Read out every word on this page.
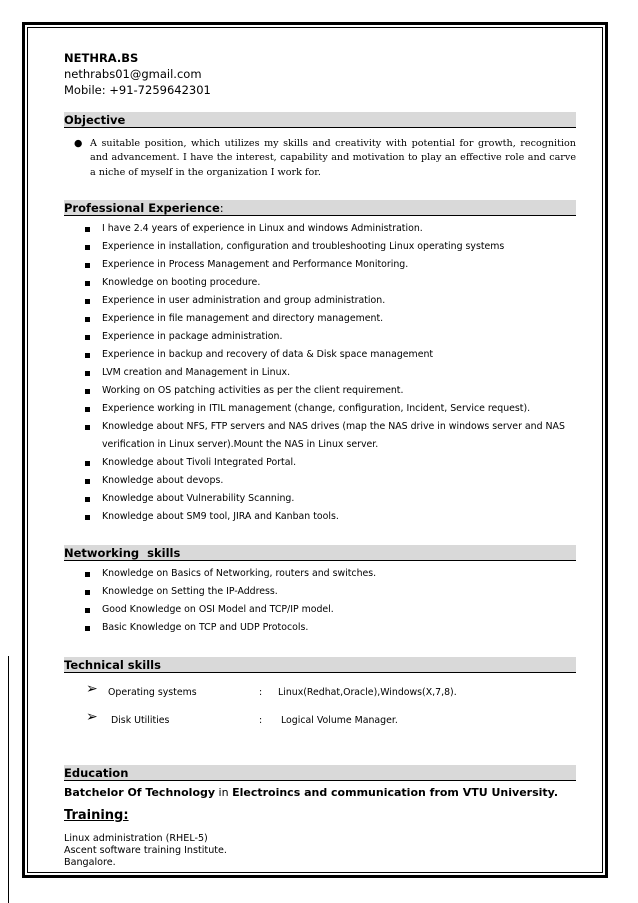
NETHRA.BS
nethrabs01@gmail.com
Mobile: +91-7259642301
Objective
● A suitable position, which utilizes my skills and creativity with potential for growth, recognition and advancement. I have the interest, capability and motivation to play an effective role and carve a niche of myself in the organization I work for.
Professional Experience:
I have 2.4 years of experience in Linux and windows Administration.
Experience in installation, configuration and troubleshooting Linux operating systems
Experience in Process Management and Performance Monitoring.
Knowledge on booting procedure.
Experience in user administration and group administration.
Experience in file management and directory management.
Experience in package administration.
Experience in backup and recovery of data & Disk space management
LVM creation and Management in Linux.
Working on OS patching activities as per the client requirement.
Experience working in ITIL management (change, configuration, Incident, Service request).
Knowledge about NFS, FTP servers and NAS drives (map the NAS drive in windows server and NAS verification in Linux server).Mount the NAS in Linux server.
Knowledge about Tivoli Integrated Portal.
Knowledge about devops.
Knowledge about Vulnerability Scanning.
Knowledge about SM9 tool, JIRA and Kanban tools.
Networking  skills
Knowledge on Basics of Networking, routers and switches.
Knowledge on Setting the IP-Address.
Good Knowledge on OSI Model and TCP/IP model.
Basic Knowledge on TCP and UDP Protocols.
Technical skills
➢ Operating systems	: Linux(Redhat,Oracle),Windows(X,7,8).
➢ Disk Utilities	: Logical Volume Manager.
Education
Batchelor Of Technology in Electroincs and communication from VTU University.
Training:
Linux administration (RHEL-5)
Ascent software training Institute.
Bangalore.
